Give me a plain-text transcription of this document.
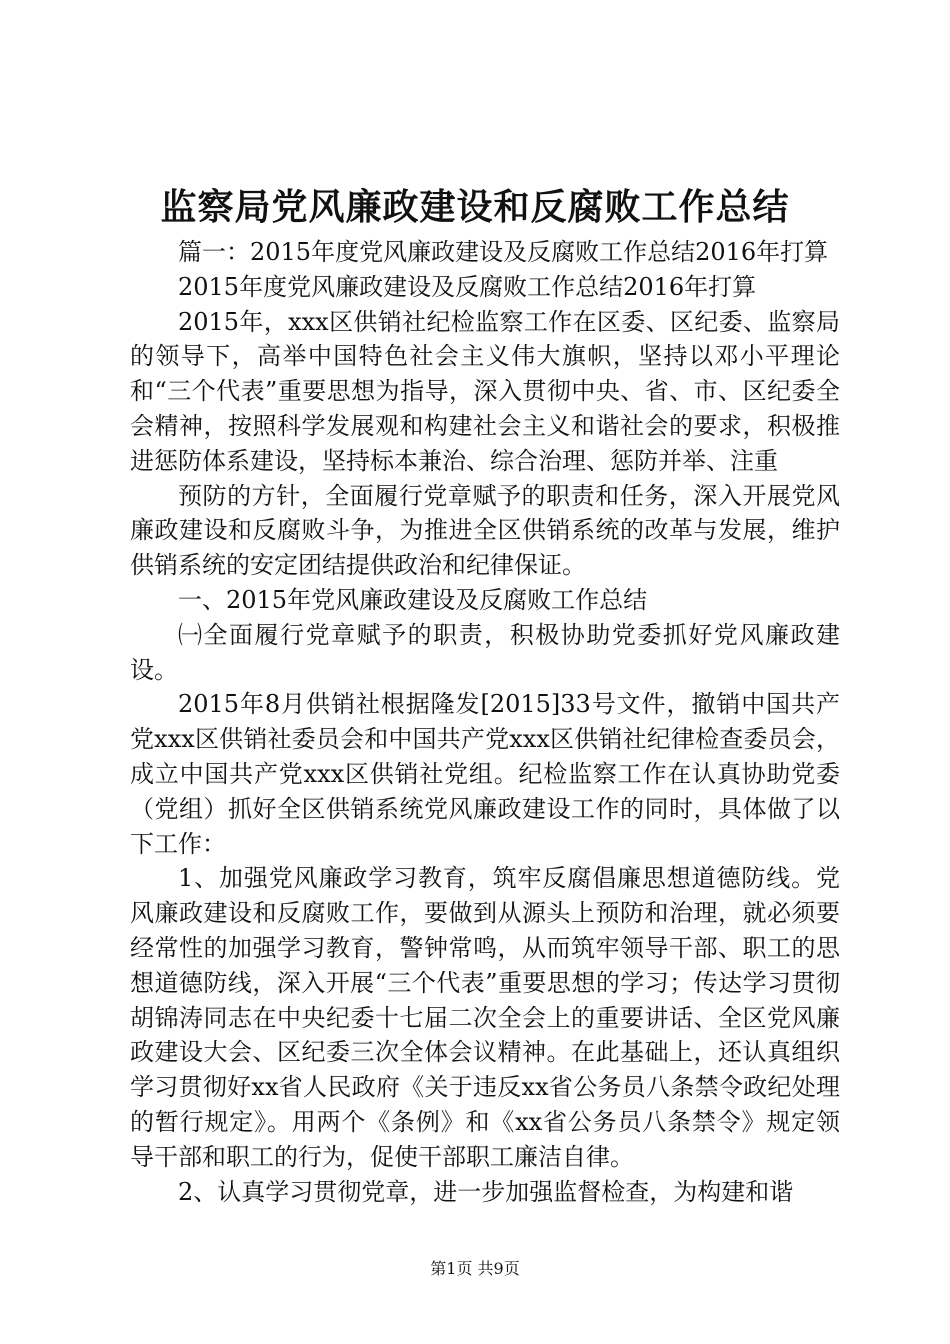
监察局党风廉政建设和反腐败工作总结

篇一：2015年度党风廉政建设及反腐败工作总结2016年打算

2015年度党风廉政建设及反腐败工作总结2016年打算

2015年，xxx区供销社纪检监察工作在区委、区纪委、监察局的领导下，高举中国特色社会主义伟大旗帜，坚持以邓小平理论和“三个代表”重要思想为指导，深入贯彻中央、省、市、区纪委全会精神，按照科学发展观和构建社会主义和谐社会的要求，积极推进惩防体系建设，坚持标本兼治、综合治理、惩防并举、注重

预防的方针，全面履行党章赋予的职责和任务，深入开展党风廉政建设和反腐败斗争，为推进全区供销系统的改革与发展，维护供销系统的安定团结提供政治和纪律保证。

一、2015年党风廉政建设及反腐败工作总结

㈠全面履行党章赋予的职责，积极协助党委抓好党风廉政建设。

2015年8月供销社根据隆发[2015]33号文件，撤销中国共产党xxx区供销社委员会和中国共产党xxx区供销社纪律检查委员会，成立中国共产党xxx区供销社党组。纪检监察工作在认真协助党委（党组）抓好全区供销系统党风廉政建设工作的同时，具体做了以下工作：

1、加强党风廉政学习教育，筑牢反腐倡廉思想道德防线。党风廉政建设和反腐败工作，要做到从源头上预防和治理，就必须要经常性的加强学习教育，警钟常鸣，从而筑牢领导干部、职工的思想道德防线，深入开展“三个代表”重要思想的学习；传达学习贯彻胡锦涛同志在中央纪委十七届二次全会上的重要讲话、全区党风廉政建设大会、区纪委三次全体会议精神。在此基础上，还认真组织学习贯彻好xx省人民政府《关于违反xx省公务员八条禁令政纪处理的暂行规定》。用两个《条例》和《xx省公务员八条禁令》规定领导干部和职工的行为，促使干部职工廉洁自律。

2、认真学习贯彻党章，进一步加强监督检查，为构建和谐

第1页 共9页
